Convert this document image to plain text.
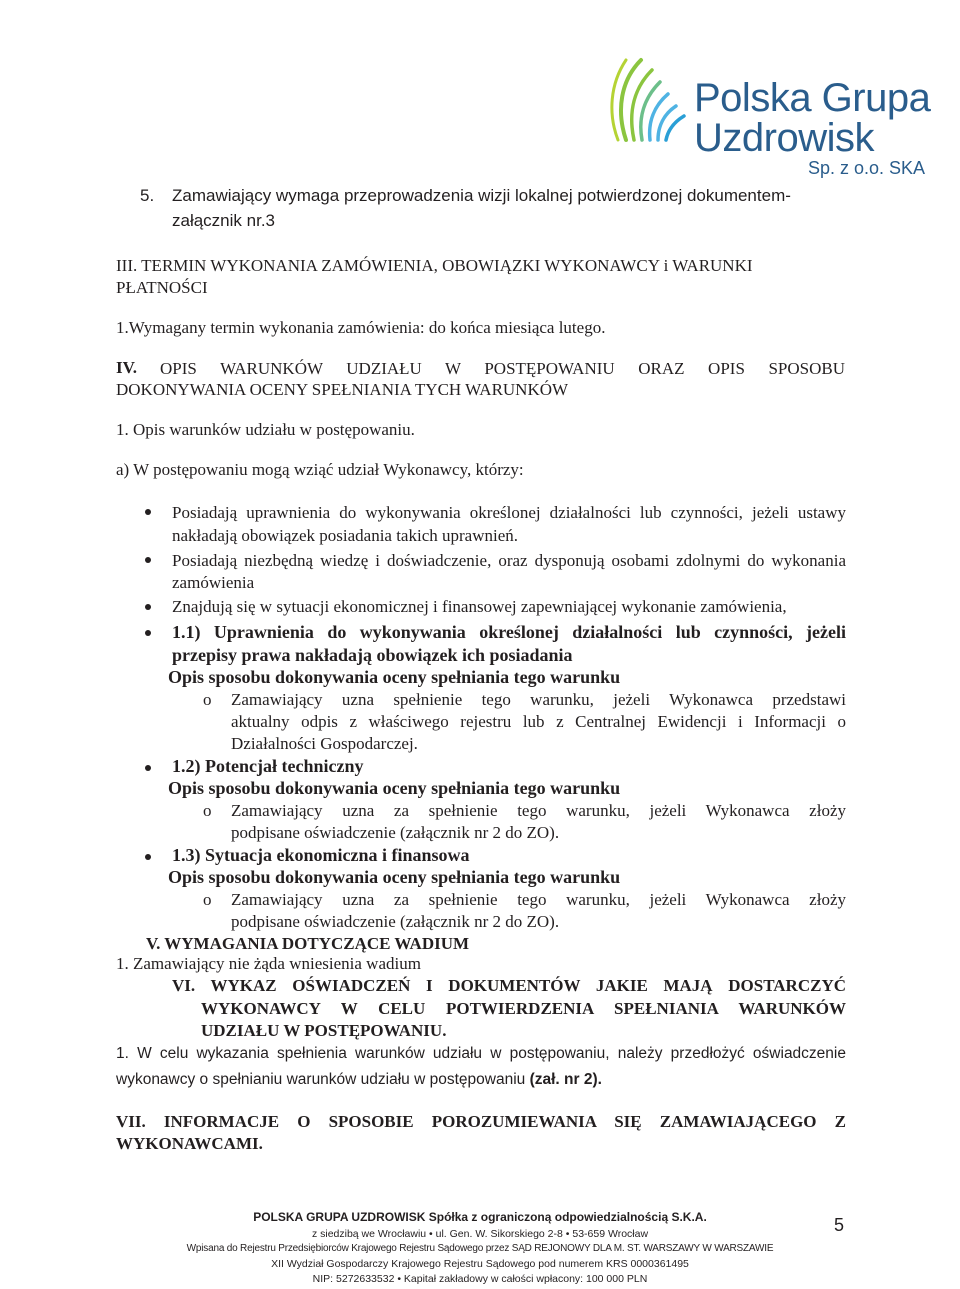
Polska Grupa
Uzdrowisk
Sp. z o.o. SKA
5. Zamawiający wymaga przeprowadzenia wizji lokalnej potwierdzonej dokumentem-
załącznik nr.3
III. TERMIN WYKONANIA ZAMÓWIENIA, OBOWIĄZKI WYKONAWCY i WARUNKI
PŁATNOŚCI
1.Wymagany termin wykonania zamówienia: do końca miesiąca lutego.
IV. OPIS WARUNKÓW UDZIAŁU W POSTĘPOWANIU ORAZ OPIS SPOSOBU
DOKONYWANIA OCENY SPEŁNIANIA TYCH WARUNKÓW
1. Opis warunków udziału w postępowaniu.
a) W postępowaniu mogą wziąć udział Wykonawcy, którzy:
Posiadają uprawnienia do wykonywania określonej działalności lub czynności, jeżeli ustawy
nakładają obowiązek posiadania takich uprawnień.
Posiadają niezbędną wiedzę i doświadczenie, oraz dysponują osobami zdolnymi do wykonania
zamówienia
Znajdują się w sytuacji ekonomicznej i finansowej zapewniającej wykonanie zamówienia,
1.1) Uprawnienia do wykonywania określonej działalności lub czynności, jeżeli
przepisy prawa nakładają obowiązek ich posiadania
Opis sposobu dokonywania oceny spełniania tego warunku
o Zamawiający uzna spełnienie tego warunku, jeżeli Wykonawca przedstawi
aktualny odpis z właściwego rejestru lub z Centralnej Ewidencji i Informacji o
Działalności Gospodarczej.
1.2) Potencjał techniczny
Opis sposobu dokonywania oceny spełniania tego warunku
o Zamawiający uzna za spełnienie tego warunku, jeżeli Wykonawca złoży
podpisane oświadczenie (załącznik nr 2 do ZO).
1.3) Sytuacja ekonomiczna i finansowa
Opis sposobu dokonywania oceny spełniania tego warunku
o Zamawiający uzna za spełnienie tego warunku, jeżeli Wykonawca złoży
podpisane oświadczenie (załącznik nr 2 do ZO).
V. WYMAGANIA DOTYCZĄCE WADIUM
1. Zamawiający nie żąda wniesienia wadium
VI. WYKAZ OŚWIADCZEŃ I DOKUMENTÓW JAKIE MAJĄ DOSTARCZYĆ
WYKONAWCY W CELU POTWIERDZENIA SPEŁNIANIA WARUNKÓW
UDZIAŁU W POSTĘPOWANIU.
1. W celu wykazania spełnienia warunków udziału w postępowaniu, należy przedłożyć oświadczenie
wykonawcy o spełnianiu warunków udziału w postępowaniu (zał. nr 2).
VII. INFORMACJE O SPOSOBIE POROZUMIEWANIA SIĘ ZAMAWIAJĄCEGO Z
WYKONAWCAMI.
POLSKA GRUPA UZDROWISK Spółka z ograniczoną odpowiedzialnością S.K.A.
z siedzibą we Wrocławiu • ul. Gen. W. Sikorskiego 2-8 • 53-659 Wrocław
Wpisana do Rejestru Przedsiębiorców Krajowego Rejestru Sądowego przez SĄD REJONOWY DLA M. ST. WARSZAWY W WARSZAWIE
XII Wydział Gospodarczy Krajowego Rejestru Sądowego pod numerem KRS 0000361495
NIP: 5272633532 • Kapitał zakładowy w całości wpłacony: 100 000 PLN
5
